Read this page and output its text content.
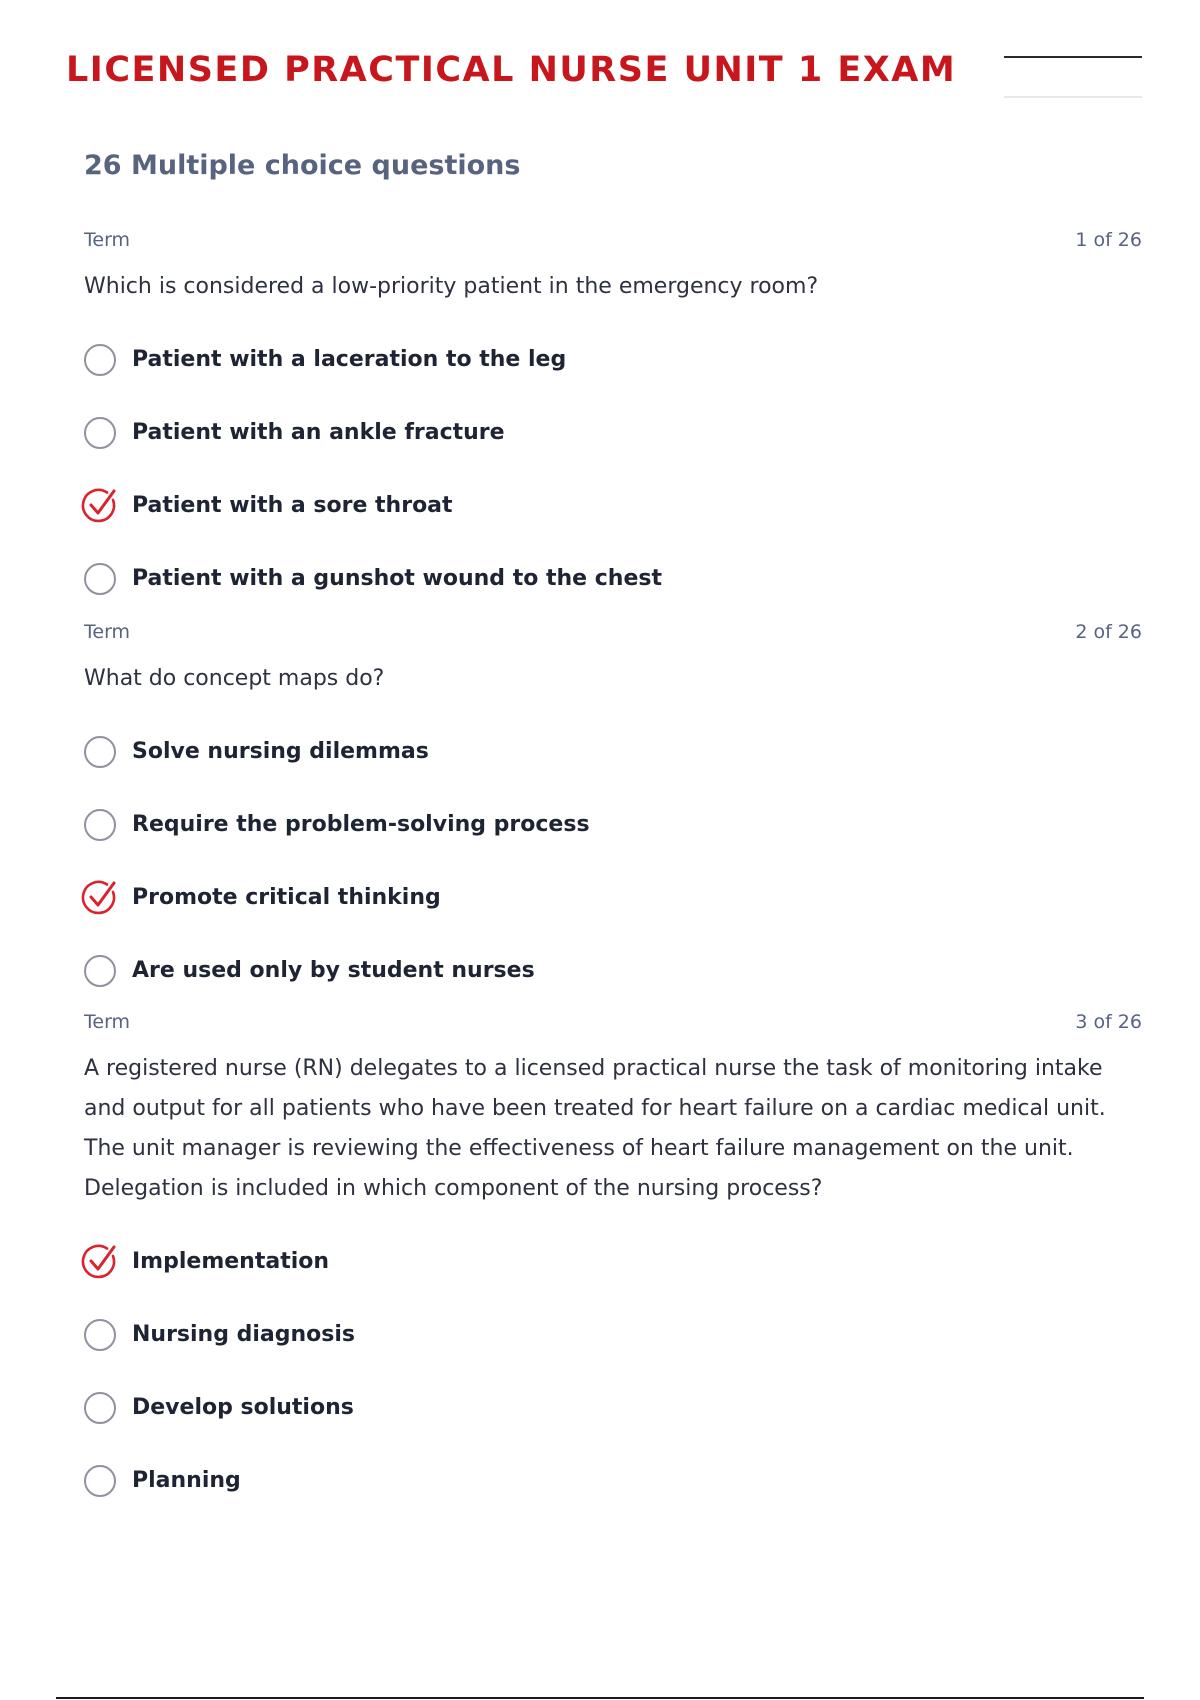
LICENSED PRACTICAL NURSE UNIT 1 EXAM
26 Multiple choice questions
Term	1 of 26
Which is considered a low-priority patient in the emergency room?
Patient with a laceration to the leg
Patient with an ankle fracture
Patient with a sore throat
Patient with a gunshot wound to the chest
Term	2 of 26
What do concept maps do?
Solve nursing dilemmas
Require the problem-solving process
Promote critical thinking
Are used only by student nurses
Term	3 of 26
A registered nurse (RN) delegates to a licensed practical nurse the task of monitoring intake and output for all patients who have been treated for heart failure on a cardiac medical unit. The unit manager is reviewing the effectiveness of heart failure management on the unit. Delegation is included in which component of the nursing process?
Implementation
Nursing diagnosis
Develop solutions
Planning
